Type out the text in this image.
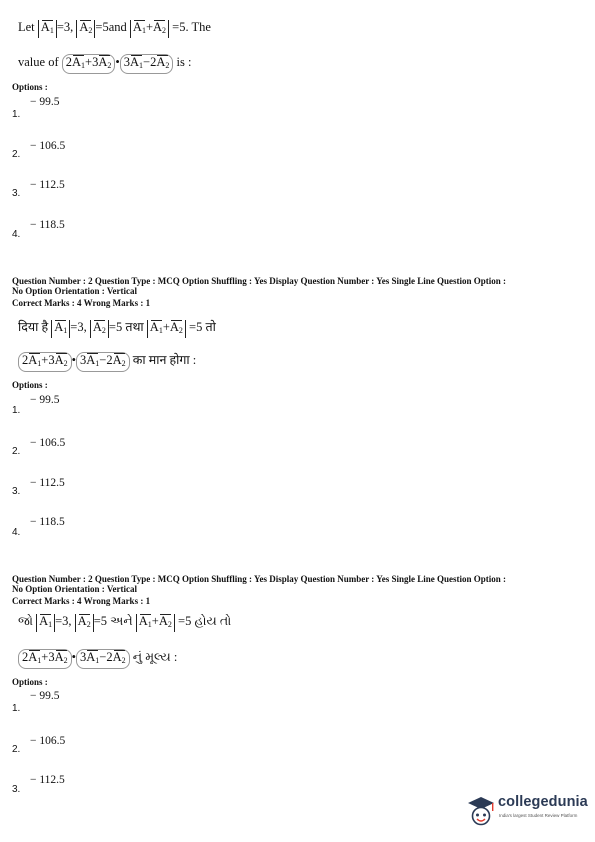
Let $A_1 =3$, $A_2 =5and$ $A_1+A_2 =5$. The
value of $2A_1+3A_2$ • $3A_1-2A_2$ is :
Options :
− 99.5
1.
− 106.5
2.
− 112.5
3.
− 118.5
4.
Question Number : 2 Question Type : MCQ Option Shuffling : Yes Display Question Number : Yes Single Line Question Option :
No Option Orientation : Vertical
Correct Marks : 4 Wrong Marks : 1
दिया है $A_1 =3$, $A_2 =5$ तथा $A_1+A_2 =5$ तो
$2A_1+3A_2$ • $3A_1-2A_2$ का मान होगा :
Options :
− 99.5
1.
− 106.5
2.
− 112.5
3.
− 118.5
4.
Question Number : 2 Question Type : MCQ Option Shuffling : Yes Display Question Number : Yes Single Line Question Option :
No Option Orientation : Vertical
Correct Marks : 4 Wrong Marks : 1
જો $A_1 =3$, $A_2 =5$ અને $A_1+A_2 =5$ હોય તો
$2A_1+3A_2$ • $3A_1-2A_2$ નું મૂલ્ય :
Options :
− 99.5
1.
− 106.5
2.
− 112.5
3.
collegedunia
India's largest Student Review Platform
